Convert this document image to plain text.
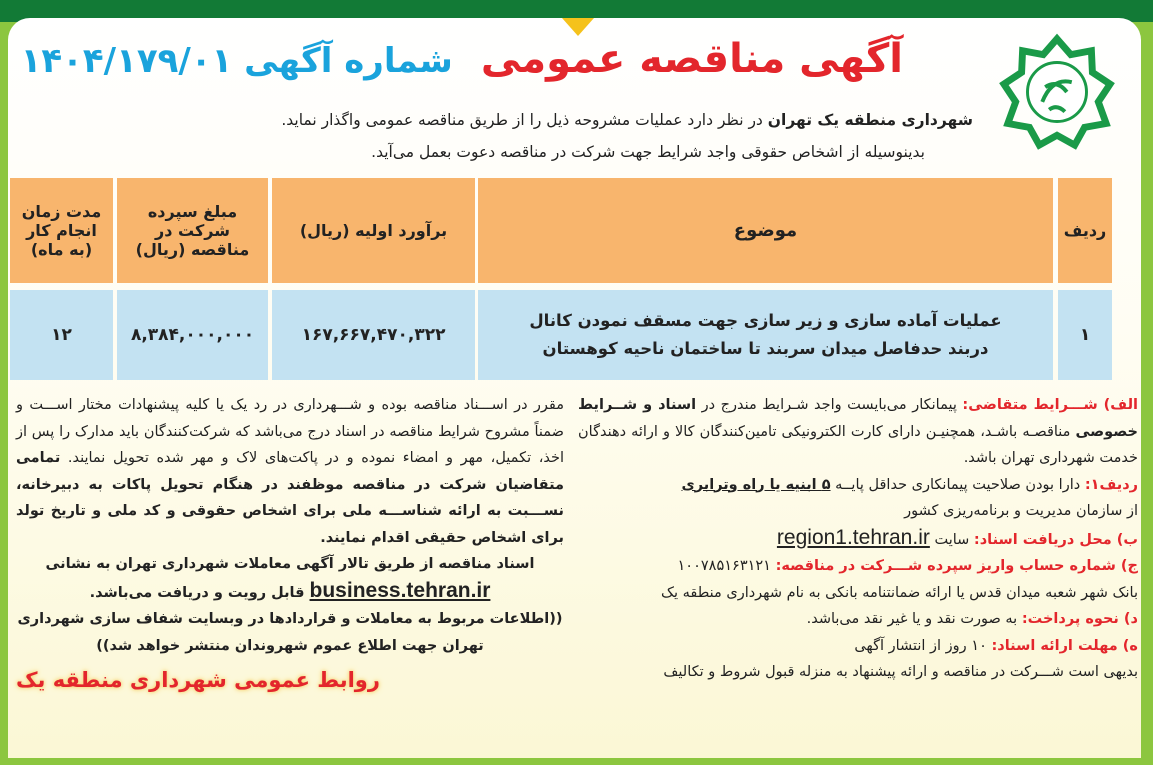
آگهی مناقصه عمومی
شماره آگهی ۱۴۰۴/۱۷۹/۰۱
شهرداری منطقه یک تهران در نظر دارد عملیات مشروحه ذیل را از طریق مناقصه عمومی واگذار نماید.
بدینوسیله از اشخاص حقوقی واجد شرایط جهت شرکت در مناقصه دعوت بعمل می‌آید.
ردیف
موضوع
برآورد اولیه (ریال)
مبلغ سپرده شرکت در مناقصه (ریال)
مدت زمان انجام کار (به ماه)
۱
عملیات آماده سازی و زیر سازی جهت مسقف نمودن کانال دربند حدفاصل میدان سربند تا ساختمان ناحیه کوهستان
۱۶۷,۶۶۷,۴۷۰,۳۲۲
۸,۳۸۴,۰۰۰,۰۰۰
۱۲
الف) شـــرایط متقاضی: پیمانکار می‌بایست واجد شـرایط مندرج در اسناد و شــرایط خصوصی مناقصـه باشـد، همچنیـن دارای کارت الکترونیکی تامین‌کنندگان کالا و ارائه دهندگان خدمت شهرداری تهران باشد.
ردیف۱: دارا بودن صلاحیت پیمانکاری حداقل پایــه ۵ ابنیه یا راه وترابری
از سازمان مدیریت و برنامه‌ریزی کشور
ب) محل دریافت اسناد: سایت region1.tehran.ir
ج) شماره حساب واریز سپرده شـــرکت در مناقصه: ۱۰۰۷۸۵۱۶۳۱۲۱
بانک شهر شعبه میدان قدس یا ارائه ضمانتنامه بانکی به نام شهرداری منطقه یک
د) نحوه پرداخت: به صورت نقد و یا غیر نقد می‌باشد.
ه) مهلت ارائه اسناد: ۱۰ روز از انتشار آگهی
بدیهی است شـــرکت در مناقصه و ارائه پیشنهاد به منزله قبول شروط و تکالیف
مقرر در اســـناد مناقصه بوده و شـــهرداری در رد یک یا کلیه پیشنهادات مختار اســـت و ضمناً مشروح شرایط مناقصه در اسناد درج می‌باشد که شرکت‌کنندگان باید مدارک را پس از اخذ، تکمیل، مهر و امضاء نموده و در پاکت‌های لاک و مهر شده تحویل نمایند. تمامی متقاضیان شرکت در مناقصه موظفند در هنگام تحویل پاکات به دبیرخانه، نســـبت به ارائه شناســـه ملی برای اشخاص حقوقی و کد ملی و تاریخ تولد برای اشخاص حقیقی اقدام نمایند.
اسناد مناقصه از طریق تالار آگهی معاملات شهرداری تهران به نشانی
business.tehran.ir قابل رویت و دریافت می‌باشد.
((اطلاعات مربوط به معاملات و قراردادها در وبسایت شفاف سازی شهرداری تهران جهت اطلاع عموم شهروندان منتشر خواهد شد))
روابط عمومی شهرداری منطقه یک
